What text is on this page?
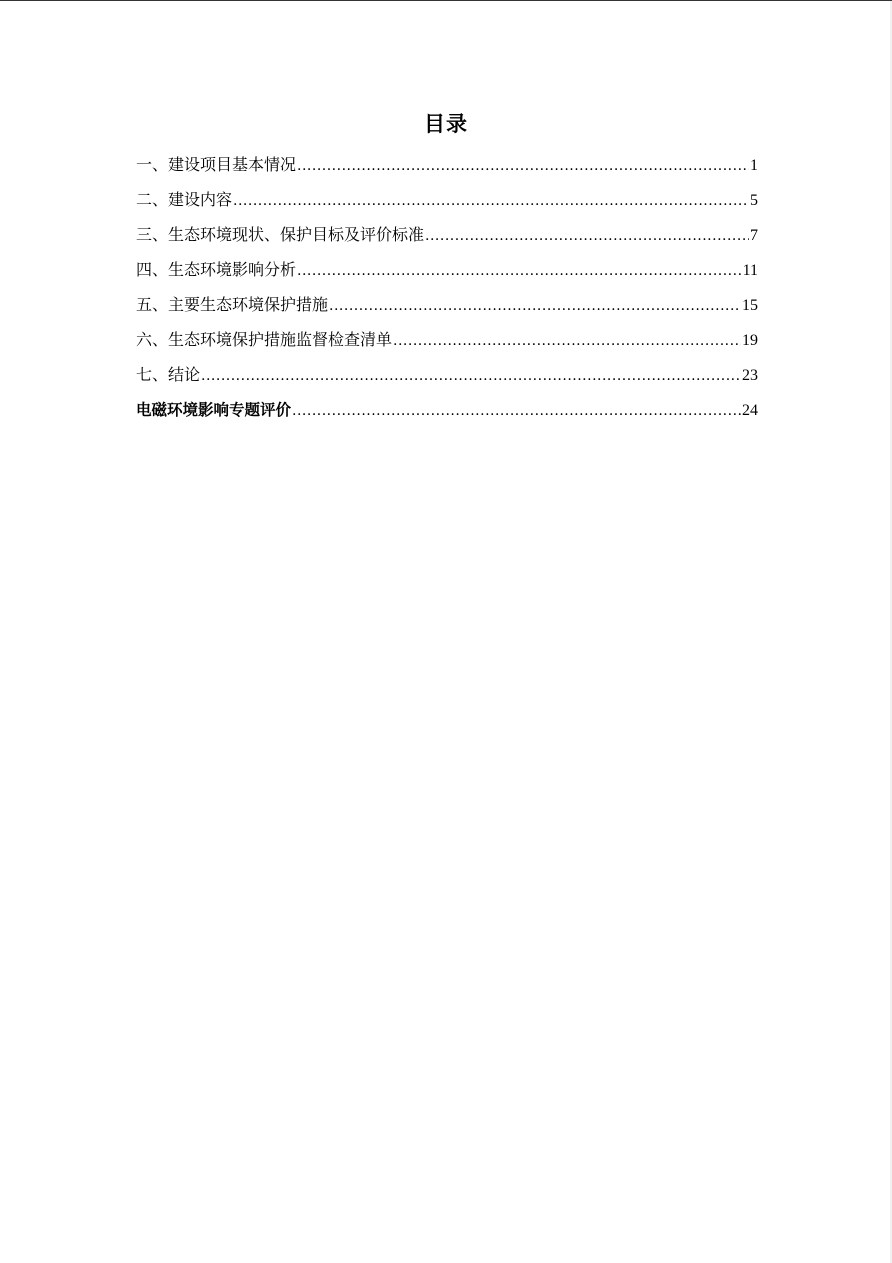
目录
一、建设项目基本情况 .....	1
二、建设内容 .....	5
三、生态环境现状、保护目标及评价标准 .....	7
四、生态环境影响分析 .....	11
五、主要生态环境保护措施 .....	15
六、生态环境保护措施监督检查清单 .....	19
七、结论 .....	23
电磁环境影响专题评价 .....	24
